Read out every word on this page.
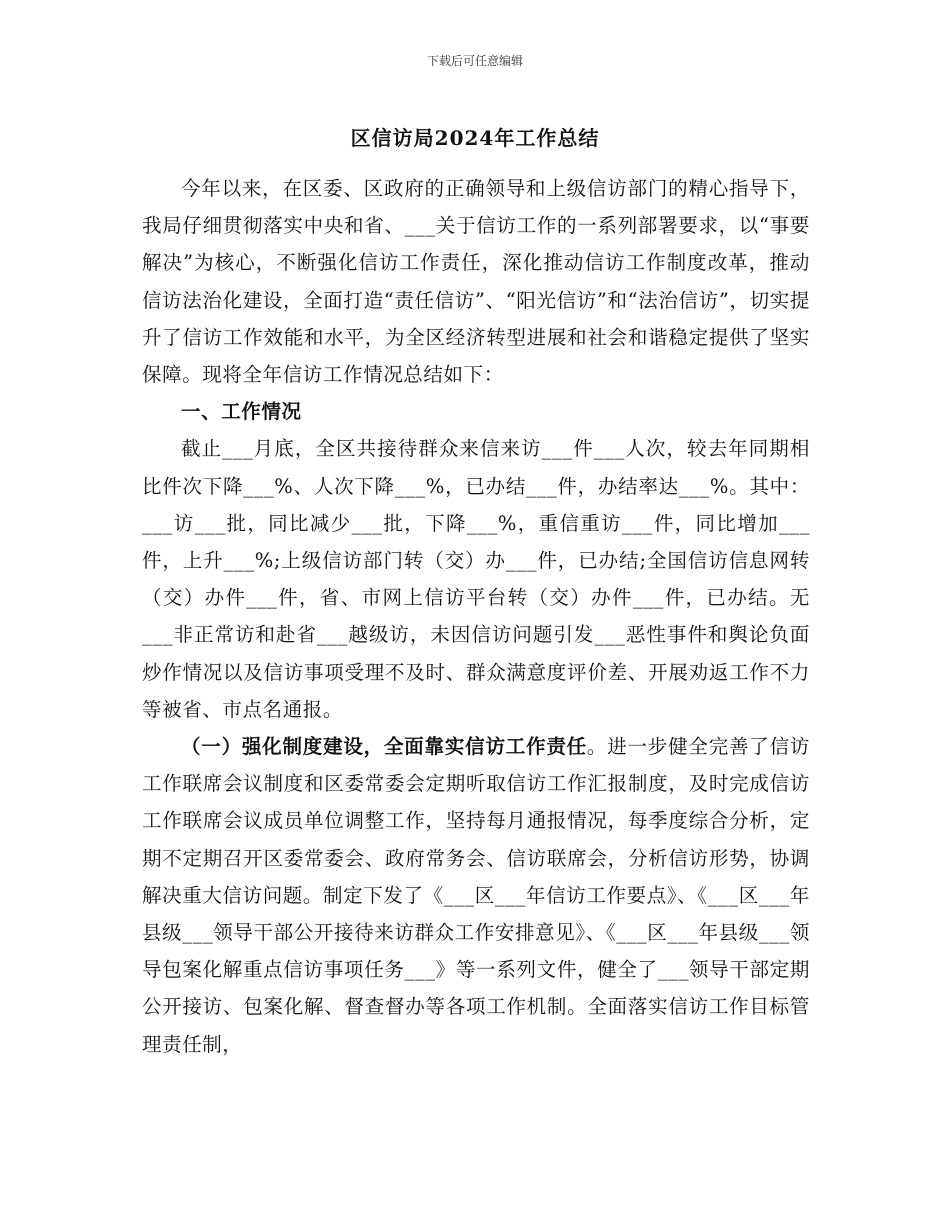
下载后可任意编辑
区信访局2024年工作总结

今年以来，在区委、区政府的正确领导和上级信访部门的精心指导下，我局仔细贯彻落实中央和省、___关于信访工作的一系列部署要求，以“事要解决”为核心，不断强化信访工作责任，深化推动信访工作制度改革，推动信访法治化建设，全面打造“责任信访”、“阳光信访”和“法治信访”，切实提升了信访工作效能和水平，为全区经济转型进展和社会和谐稳定提供了坚实保障。现将全年信访工作情况总结如下：

一、工作情况

截止___月底，全区共接待群众来信来访___件___人次，较去年同期相比件次下降___%、人次下降___%，已办结___件，办结率达___%。其中：___访___批，同比减少___批，下降___%，重信重访___件，同比增加___件，上升___%;上级信访部门转（交）办___件，已办结;全国信访信息网转（交）办件___件，省、市网上信访平台转（交）办件___件，已办结。无___非正常访和赴省___越级访，未因信访问题引发___恶性事件和舆论负面炒作情况以及信访事项受理不及时、群众满意度评价差、开展劝返工作不力等被省、市点名通报。

（一）强化制度建设，全面靠实信访工作责任。进一步健全完善了信访工作联席会议制度和区委常委会定期听取信访工作汇报制度，及时完成信访工作联席会议成员单位调整工作，坚持每月通报情况，每季度综合分析，定期不定期召开区委常委会、政府常务会、信访联席会，分析信访形势，协调解决重大信访问题。制定下发了《___区___年信访工作要点》、《___区___年县级___领导干部公开接待来访群众工作安排意见》、《___区___年县级___领导包案化解重点信访事项任务___》等一系列文件，健全了___领导干部定期公开接访、包案化解、督查督办等各项工作机制。全面落实信访工作目标管理责任制，
